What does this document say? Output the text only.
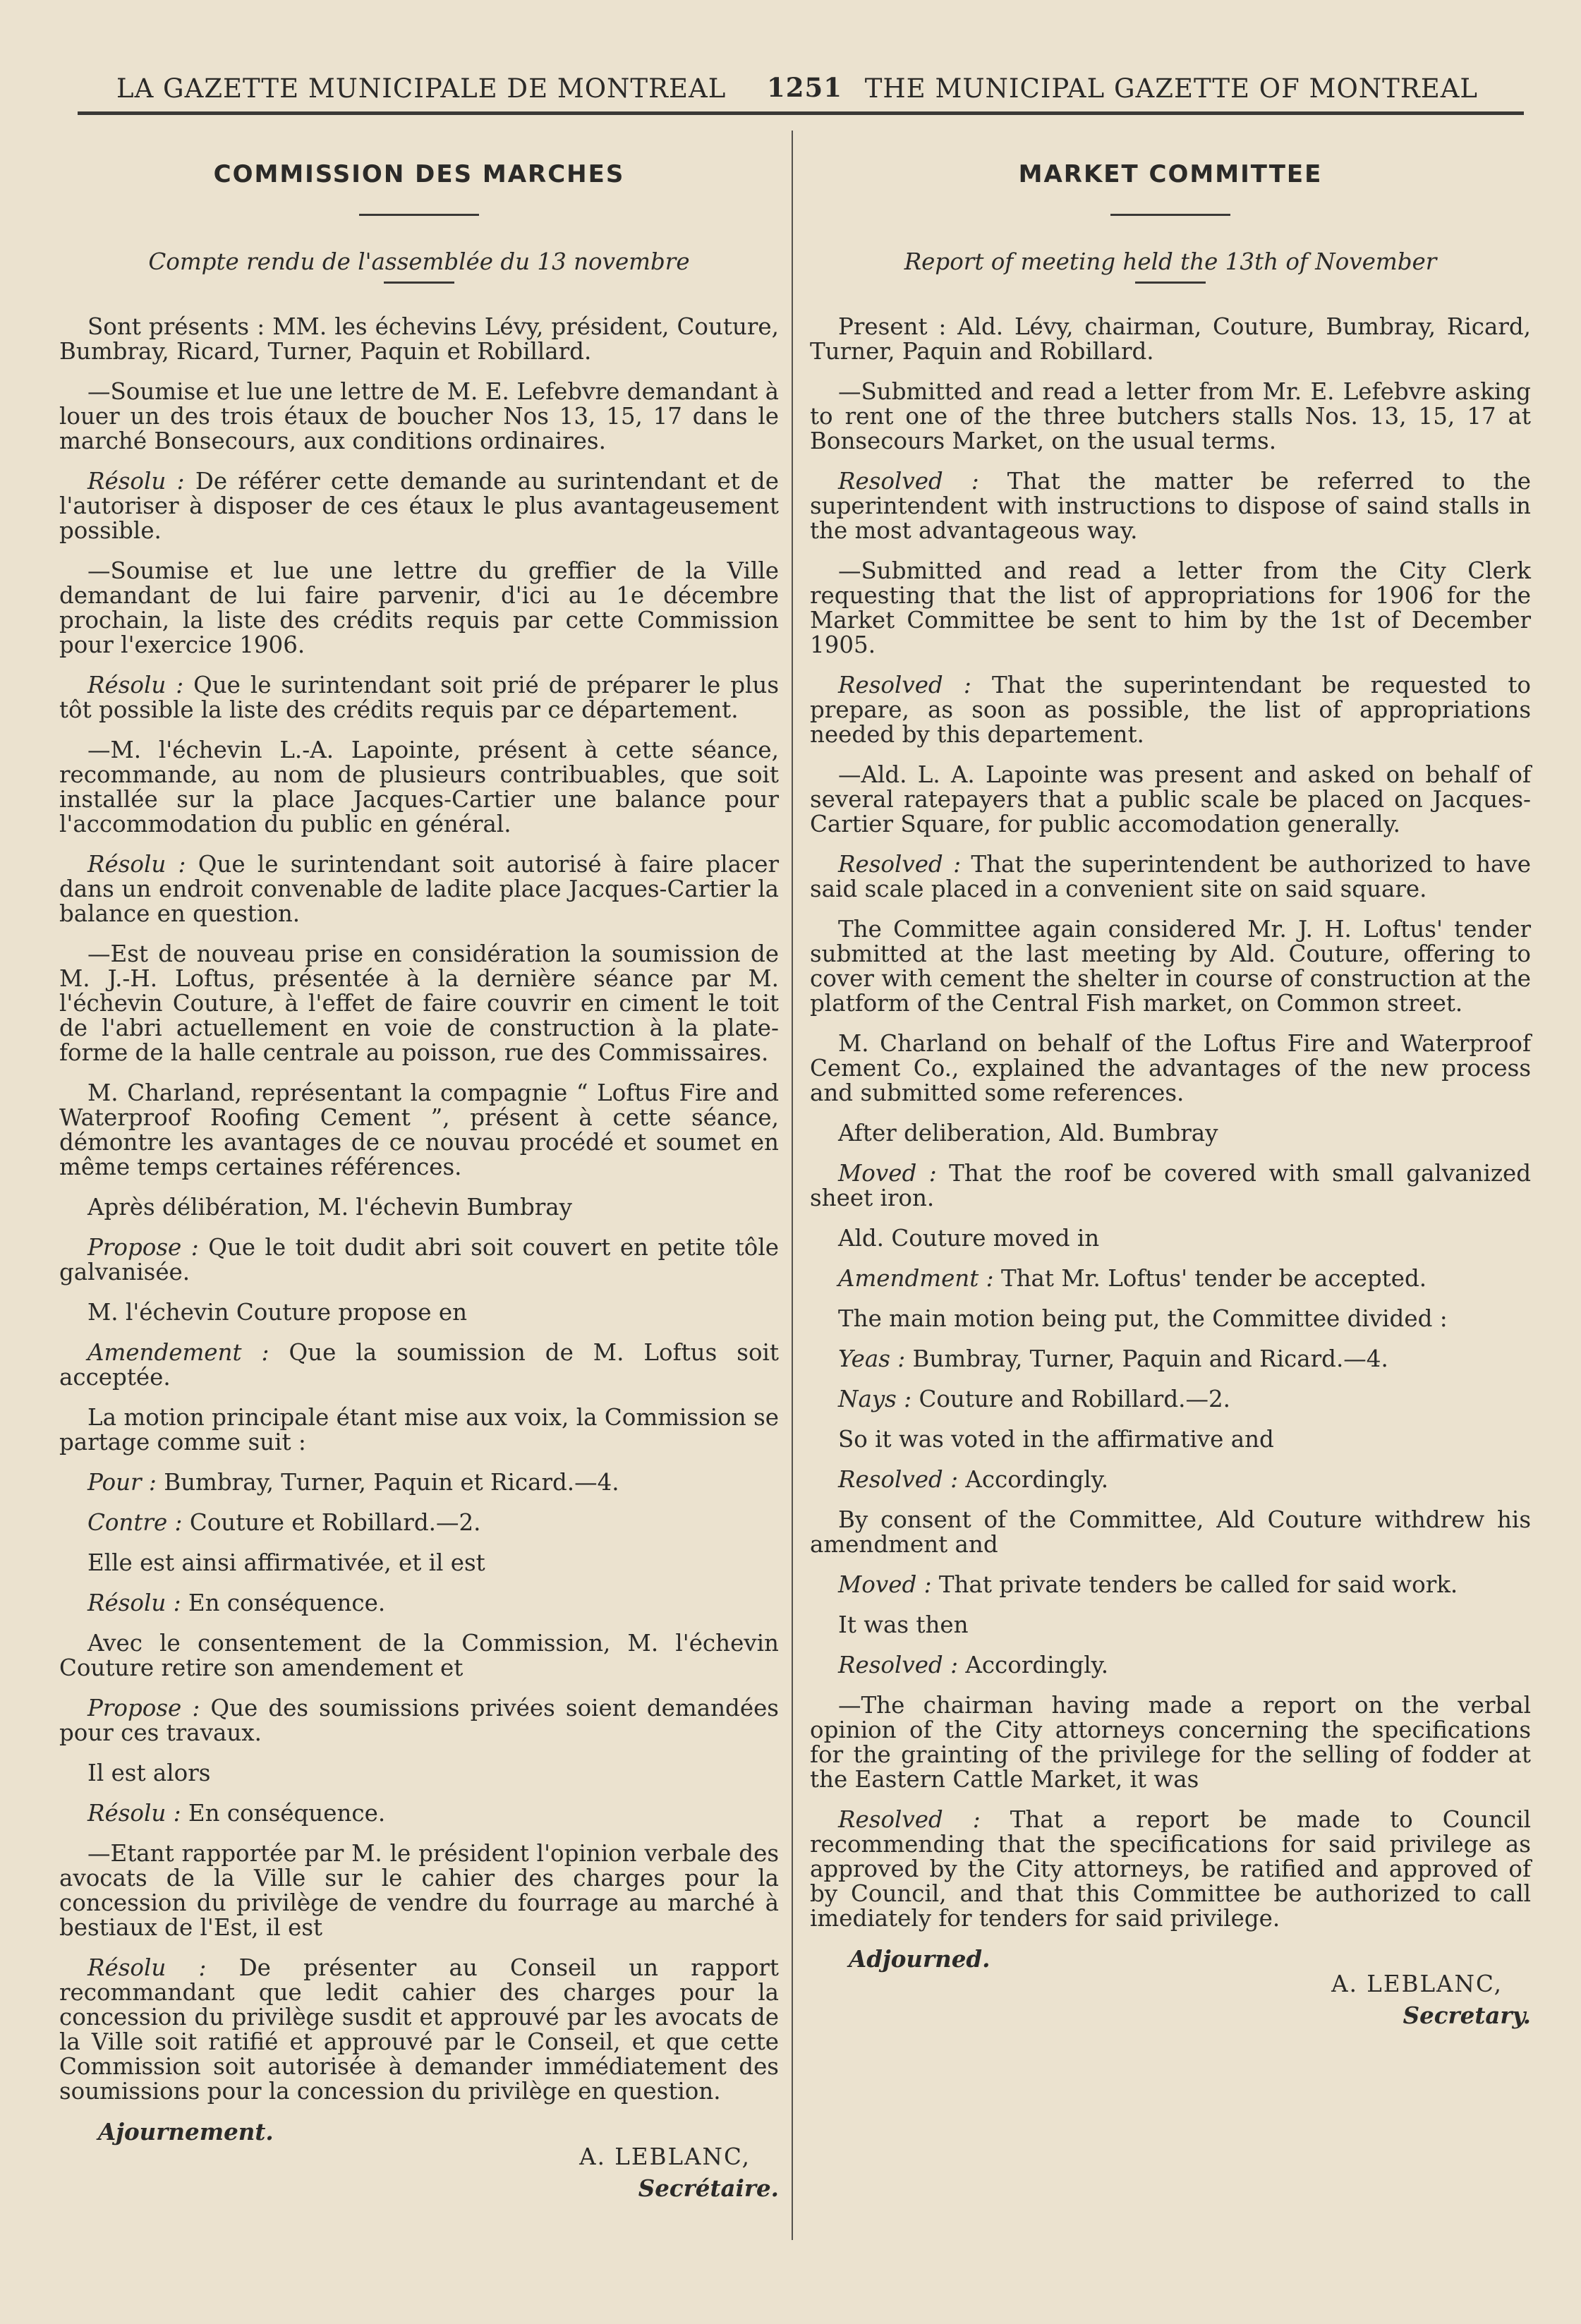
LA GAZETTE MUNICIPALE DE MONTREAL 1251 THE MUNICIPAL GAZETTE OF MONTREAL
COMMISSION DES MARCHES
Compte rendu de l'assemblée du 13 novembre

Sont présents : MM. les échevins Lévy, président, Couture, Bumbray, Ricard, Turner, Paquin et Robillard.

—Soumise et lue une lettre de M. E. Lefebvre demandant à louer un des trois étaux de boucher Nos 13, 15, 17 dans le marché Bonsecours, aux conditions ordinaires.

Résolu : De référer cette demande au surintendant et de l'autoriser à disposer de ces étaux le plus avantageusement possible.

—Soumise et lue une lettre du greffier de la Ville demandant de lui faire parvenir, d'ici au 1e décembre prochain, la liste des crédits requis par cette Commission pour l'exercice 1906.

Résolu : Que le surintendant soit prié de préparer le plus tôt possible la liste des crédits requis par ce département.

—M. l'échevin L.-A. Lapointe, présent à cette séance, recommande, au nom de plusieurs contribuables, que soit installée sur la place Jacques-Cartier une balance pour l'accommodation du public en général.

Résolu : Que le surintendant soit autorisé à faire placer dans un endroit convenable de ladite place Jacques-Cartier la balance en question.

—Est de nouveau prise en considération la soumission de M. J.-H. Loftus, présentée à la dernière séance par M. l'échevin Couture, à l'effet de faire couvrir en ciment le toit de l'abri actuellement en voie de construction à la plate-forme de la halle centrale au poisson, rue des Commissaires.

M. Charland, représentant la compagnie “ Loftus Fire and Waterproof Roofing Cement ”, présent à cette séance, démontre les avantages de ce nouvau procédé et soumet en même temps certaines références.

Après délibération, M. l'échevin Bumbray

Propose : Que le toit dudit abri soit couvert en petite tôle galvanisée.

M. l'échevin Couture propose en

Amendement : Que la soumission de M. Loftus soit acceptée.

La motion principale étant mise aux voix, la Commission se partage comme suit :

Pour : Bumbray, Turner, Paquin et Ricard.—4.

Contre : Couture et Robillard.—2.

Elle est ainsi affirmativée, et il est

Résolu : En conséquence.

Avec le consentement de la Commission, M. l'échevin Couture retire son amendement et

Propose : Que des soumissions privées soient demandées pour ces travaux.

Il est alors

Résolu : En conséquence.

—Etant rapportée par M. le président l'opinion verbale des avocats de la Ville sur le cahier des charges pour la concession du privilège de vendre du fourrage au marché à bestiaux de l'Est, il est

Résolu : De présenter au Conseil un rapport recommandant que ledit cahier des charges pour la concession du privilège susdit et approuvé par les avocats de la Ville soit ratifié et approuvé par le Conseil, et que cette Commission soit autorisée à demander immédiatement des soumissions pour la concession du privilège en question.

Ajournement.
A. LEBLANC,
Secrétaire.
MARKET COMMITTEE
Report of meeting held the 13th of November

Present : Ald. Lévy, chairman, Couture, Bumbray, Ricard, Turner, Paquin and Robillard.

—Submitted and read a letter from Mr. E. Lefebvre asking to rent one of the three butchers stalls Nos. 13, 15, 17 at Bonsecours Market, on the usual terms.

Resolved : That the matter be referred to the superintendent with instructions to dispose of saind stalls in the most advantageous way.

—Submitted and read a letter from the City Clerk requesting that the list of appropriations for 1906 for the Market Committee be sent to him by the 1st of December 1905.

Resolved : That the superintendant be requested to prepare, as soon as possible, the list of appropriations needed by this departement.

—Ald. L. A. Lapointe was present and asked on behalf of several ratepayers that a public scale be placed on Jacques-Cartier Square, for public accomodation generally.

Resolved : That the superintendent be authorized to have said scale placed in a convenient site on said square.

The Committee again considered Mr. J. H. Loftus' tender submitted at the last meeting by Ald. Couture, offering to cover with cement the shelter in course of construction at the platform of the Central Fish market, on Common street.

M. Charland on behalf of the Loftus Fire and Waterproof Cement Co., explained the advantages of the new process and submitted some references.

After deliberation, Ald. Bumbray

Moved : That the roof be covered with small galvanized sheet iron.

Ald. Couture moved in

Amendment : That Mr. Loftus' tender be accepted.

The main motion being put, the Committee divided :

Yeas : Bumbray, Turner, Paquin and Ricard.—4.

Nays : Couture and Robillard.—2.

So it was voted in the affirmative and

Resolved : Accordingly.

By consent of the Committee, Ald Couture withdrew his amendment and

Moved : That private tenders be called for said work.

It was then

Resolved : Accordingly.

—The chairman having made a report on the verbal opinion of the City attorneys concerning the specifications for the grainting of the privilege for the selling of fodder at the Eastern Cattle Market, it was

Resolved : That a report be made to Council recommending that the specifications for said privilege as approved by the City attorneys, be ratified and approved of by Council, and that this Committee be authorized to call imediately for tenders for said privilege.

Adjourned.
A. LEBLANC,
Secretary.
